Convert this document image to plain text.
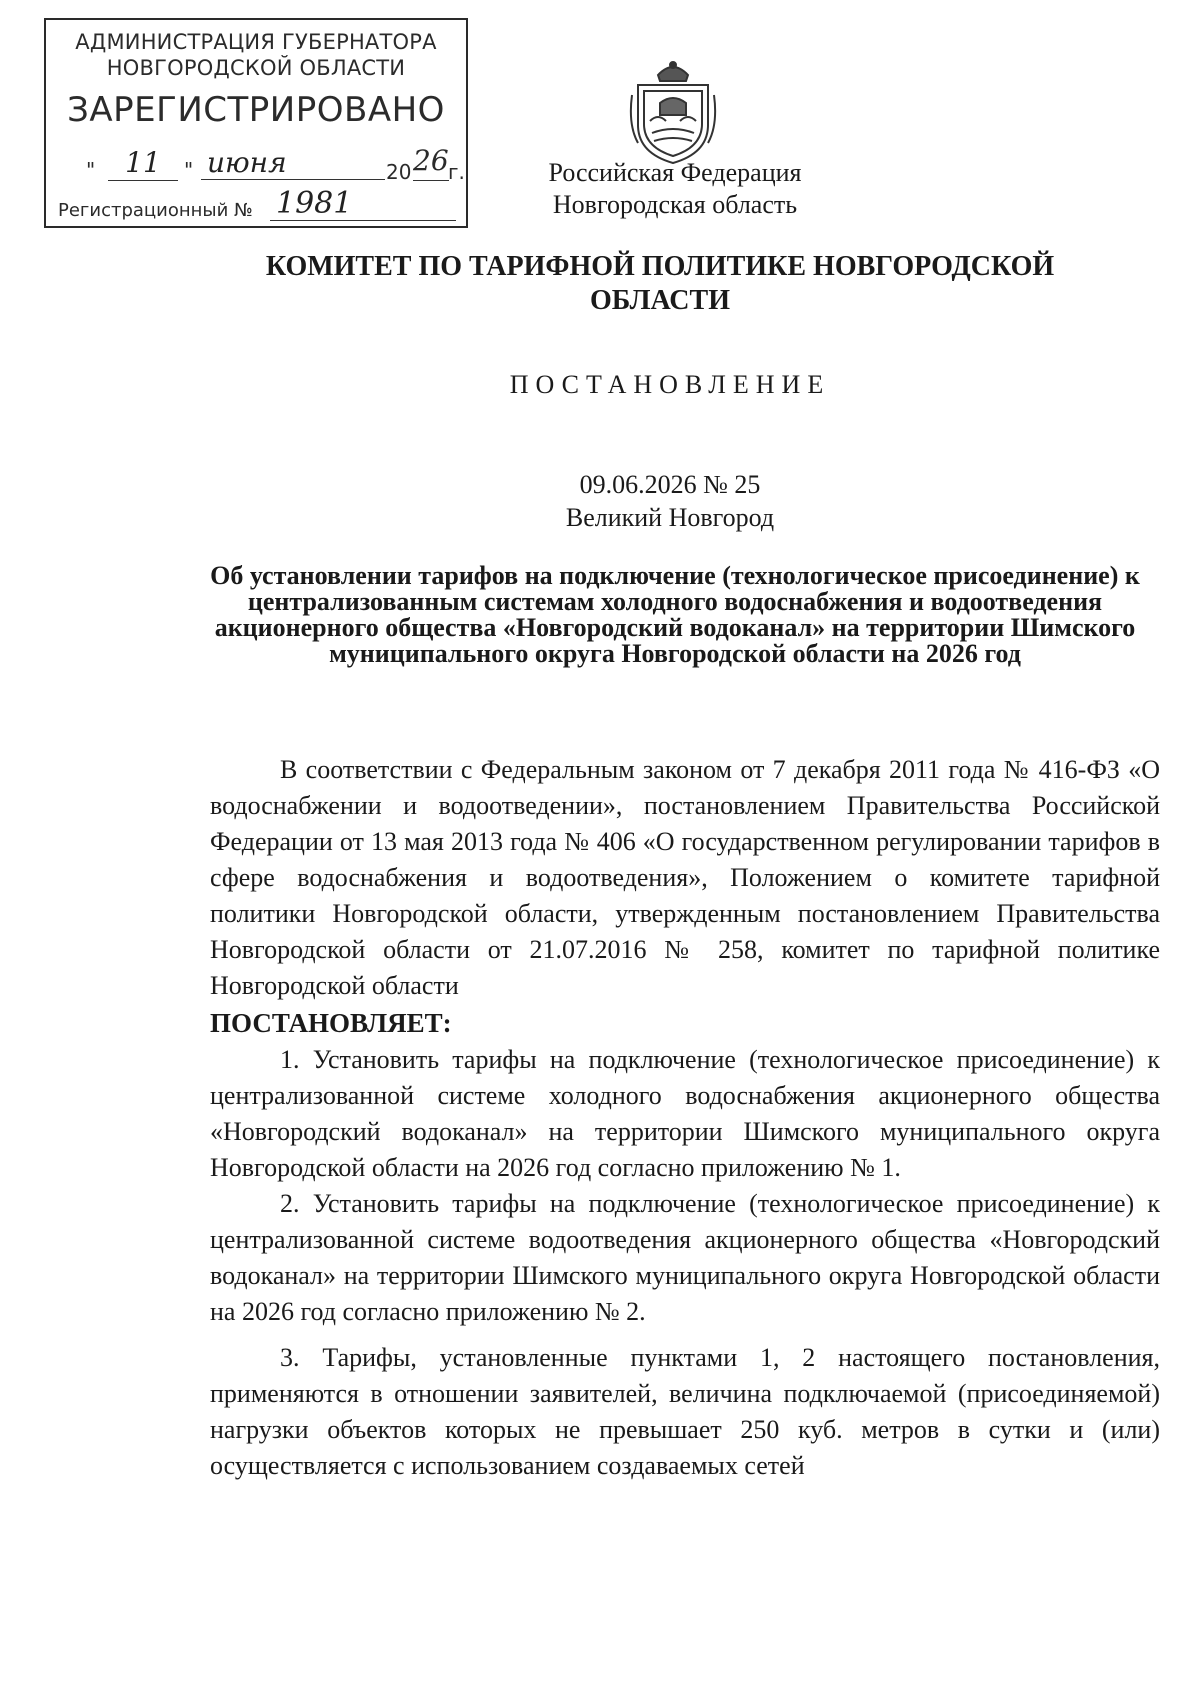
АДМИНИСТРАЦИЯ ГУБЕРНАТОРА
НОВГОРОДСКОЙ ОБЛАСТИ
ЗАРЕГИСТРИРОВАНО
"	11	" июня	20 26 г.
Регистрационный № 1981
Российская Федерация
Новгородская область
КОМИТЕТ ПО ТАРИФНОЙ ПОЛИТИКЕ НОВГОРОДСКОЙ ОБЛАСТИ
ПОСТАНОВЛЕНИЕ
09.06.2026 № 25
Великий Новгород
Об установлении тарифов на подключение (технологическое присоединение) к централизованным системам холодного водоснабжения и водоотведения акционерного общества «Новгородский водоканал» на территории Шимского муниципального округа Новгородской области на 2026 год

В соответствии с Федеральным законом от 7 декабря 2011 года № 416-ФЗ «О водоснабжении и водоотведении», постановлением Правительства Российской Федерации от 13 мая 2013 года № 406 «О государственном регулировании тарифов в сфере водоснабжения и водоотведения», Положением о комитете тарифной политики Новгородской области, утвержденным постановлением Правительства Новгородской области от 21.07.2016 № 258, комитет по тарифной политике Новгородской области

ПОСТАНОВЛЯЕТ:

1. Установить тарифы на подключение (технологическое присоединение) к централизованной системе холодного водоснабжения акционерного общества «Новгородский водоканал» на территории Шимского муниципального округа Новгородской области на 2026 год согласно приложению № 1.

2. Установить тарифы на подключение (технологическое присоединение) к централизованной системе водоотведения акционерного общества «Новгородский водоканал» на территории Шимского муниципального округа Новгородской области на 2026 год согласно приложению № 2.

3. Тарифы, установленные пунктами 1, 2 настоящего постановления, применяются в отношении заявителей, величина подключаемой (присоединяемой) нагрузки объектов которых не превышает 250 куб. метров в сутки и (или) осуществляется с использованием создаваемых сетей
